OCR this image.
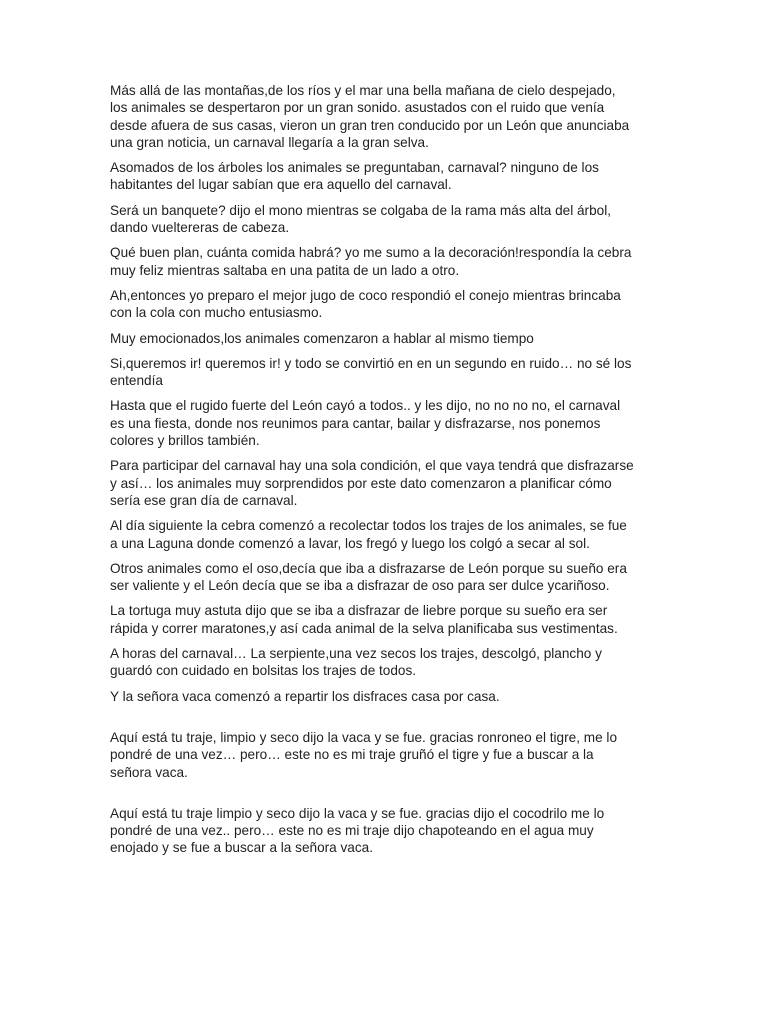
Más allá de las montañas,de los ríos y el mar una bella mañana de cielo despejado,
los animales se despertaron por un gran sonido. asustados con el ruido que venía
desde afuera de sus casas, vieron un gran tren conducido por un León que anunciaba
una gran noticia, un carnaval llegaría a la gran selva.

Asomados de los árboles los animales se preguntaban, carnaval? ninguno de los
habitantes del lugar sabían que era aquello del carnaval.

Será un banquete? dijo el mono mientras se colgaba de la rama más alta del árbol,
dando vueltereras de cabeza.

Qué buen plan, cuánta comida habrá? yo me sumo a la decoración!respondía la cebra
muy feliz mientras saltaba en una patita de un lado a otro.

Ah,entonces yo preparo el mejor jugo de coco respondió el conejo mientras brincaba
con la cola con mucho entusiasmo.

Muy emocionados,los animales comenzaron a hablar al mismo tiempo

Si,queremos ir! queremos ir! y todo se convirtió en en un segundo en ruido… no sé los
entendía

Hasta que el rugido fuerte del León cayó a todos.. y les dijo, no no no no, el carnaval
es una fiesta, donde nos reunimos para cantar, bailar y disfrazarse, nos ponemos
colores y brillos también.

Para participar del carnaval hay una sola condición, el que vaya tendrá que disfrazarse
y así… los animales muy sorprendidos por este dato comenzaron a planificar cómo
sería ese gran día de carnaval.

Al día siguiente la cebra comenzó a recolectar todos los trajes de los animales, se fue
a una Laguna donde comenzó a lavar, los fregó y luego los colgó a secar al sol.

Otros animales como el oso,decía que iba a disfrazarse de León porque su sueño era
ser valiente y el León decía que se iba a disfrazar de oso para ser dulce ycariñoso.

La tortuga muy astuta dijo que se iba a disfrazar de liebre porque su sueño era ser
rápida y correr maratones,y así cada animal de la selva planificaba sus vestimentas.

A horas del carnaval… La serpiente,una vez secos los trajes, descolgó, plancho y
guardó con cuidado en bolsitas los trajes de todos.

Y la señora vaca comenzó a repartir los disfraces casa por casa.

Aquí está tu traje, limpio y seco dijo la vaca y se fue. gracias ronroneo el tigre, me lo
pondré de una vez… pero… este no es mi traje gruñó el tigre y fue a buscar a la
señora vaca.

Aquí está tu traje limpio y seco dijo la vaca y se fue. gracias dijo el cocodrilo me lo
pondré de una vez.. pero… este no es mi traje dijo chapoteando en el agua muy
enojado y se fue a buscar a la señora vaca.
